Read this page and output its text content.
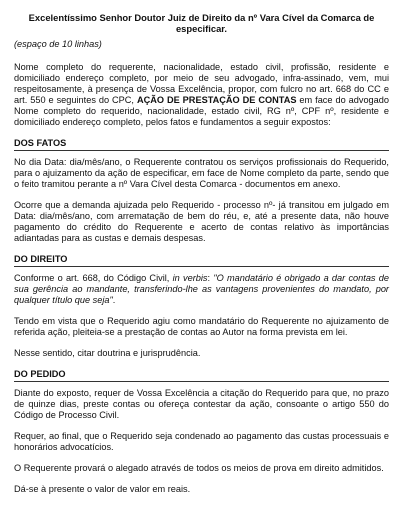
Excelentíssimo Senhor Doutor Juiz de Direito da nº Vara Cível da Comarca de especificar.
(espaço de 10 linhas)

Nome completo do requerente, nacionalidade, estado civil, profissão, residente e domiciliado endereço completo, por meio de seu advogado, infra-assinado, vem, mui respeitosamente, à presença de Vossa Excelência, propor, com fulcro no art. 668 do CC e art. 550 e seguintes do CPC, AÇÃO DE PRESTAÇÃO DE CONTAS em face do advogado Nome completo do requerido, nacionalidade, estado civil, RG nº, CPF nº, residente e domiciliado endereço completo, pelos fatos e fundamentos a seguir expostos:

DOS FATOS

No dia Data: dia/mês/ano, o Requerente contratou os serviços profissionais do Requerido, para o ajuizamento da ação de especificar, em face de Nome completo da parte, sendo que o feito tramitou perante a nº Vara Cível desta Comarca - documentos em anexo.

Ocorre que a demanda ajuizada pelo Requerido - processo nº- já transitou em julgado em Data: dia/mês/ano, com arrematação de bem do réu, e, até a presente data, não houve pagamento do crédito do Requerente e acerto de contas relativo às importâncias adiantadas para as custas e demais despesas.

DO DIREITO

Conforme o art. 668, do Código Civil, in verbis: "O mandatário é obrigado a dar contas de sua gerência ao mandante, transferindo-lhe as vantagens provenientes do mandato, por qualquer título que seja".

Tendo em vista que o Requerido agiu como mandatário do Requerente no ajuizamento de referida ação, pleiteia-se a prestação de contas ao Autor na forma prevista em lei.

Nesse sentido, citar doutrina e jurisprudência.

DO PEDIDO

Diante do exposto, requer de Vossa Excelência a citação do Requerido para que, no prazo de quinze dias, preste contas ou ofereça contestar da ação, consoante o artigo 550 do Código de Processo Civil.

Requer, ao final, que o Requerido seja condenado ao pagamento das custas processuais e honorários advocatícios.

O Requerente provará o alegado através de todos os meios de prova em direito admitidos.

Dá-se à presente o valor de valor em reais.
